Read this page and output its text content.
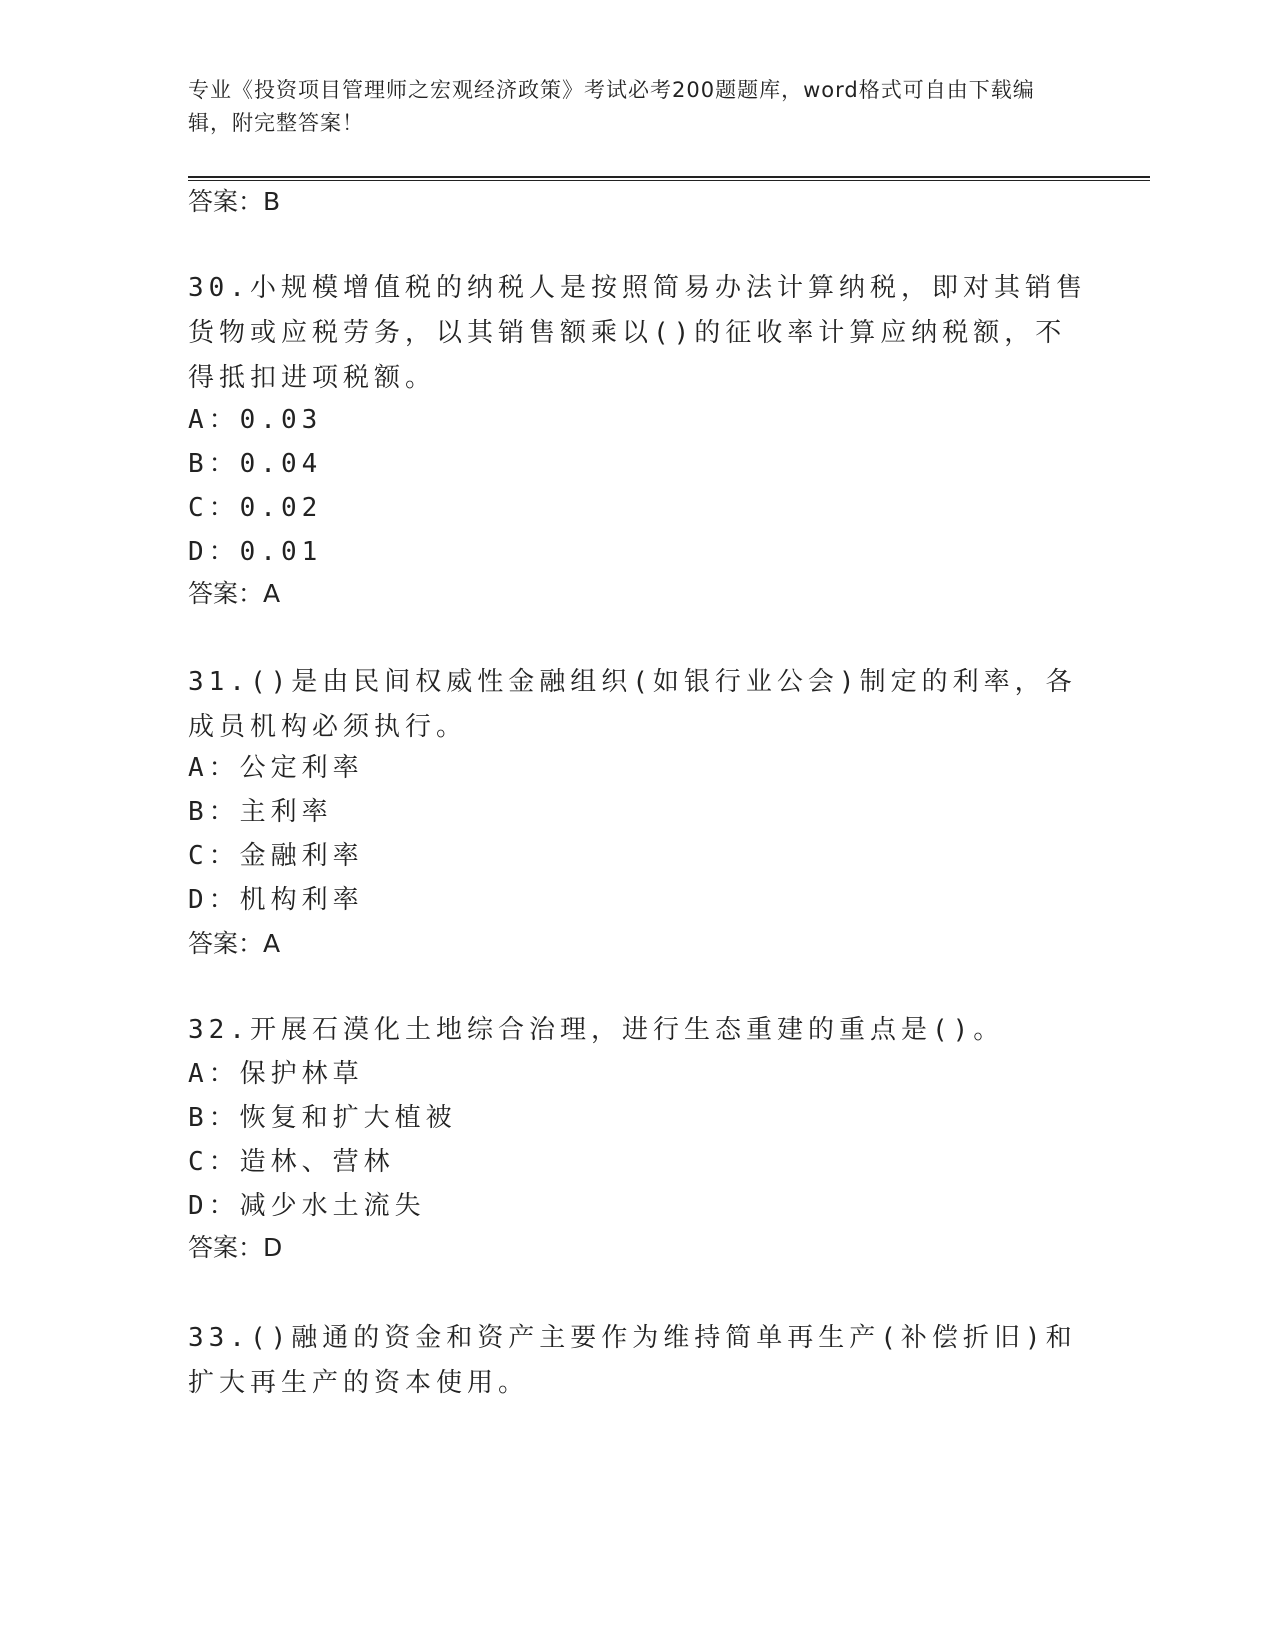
专业《投资项目管理师之宏观经济政策》考试必考200题题库，word格式可自由下载编辑，附完整答案！
答案：B
30.小规模增值税的纳税人是按照简易办法计算纳税，即对其销售货物或应税劳务，以其销售额乘以()的征收率计算应纳税额，不得抵扣进项税额。
A：0.03
B：0.04
C：0.02
D：0.01
答案：A
31.()是由民间权威性金融组织(如银行业公会)制定的利率，各成员机构必须执行。
A：公定利率
B：主利率
C：金融利率
D：机构利率
答案：A
32.开展石漠化土地综合治理，进行生态重建的重点是()。
A：保护林草
B：恢复和扩大植被
C：造林、营林
D：减少水土流失
答案：D
33.()融通的资金和资产主要作为维持简单再生产(补偿折旧)和扩大再生产的资本使用。
